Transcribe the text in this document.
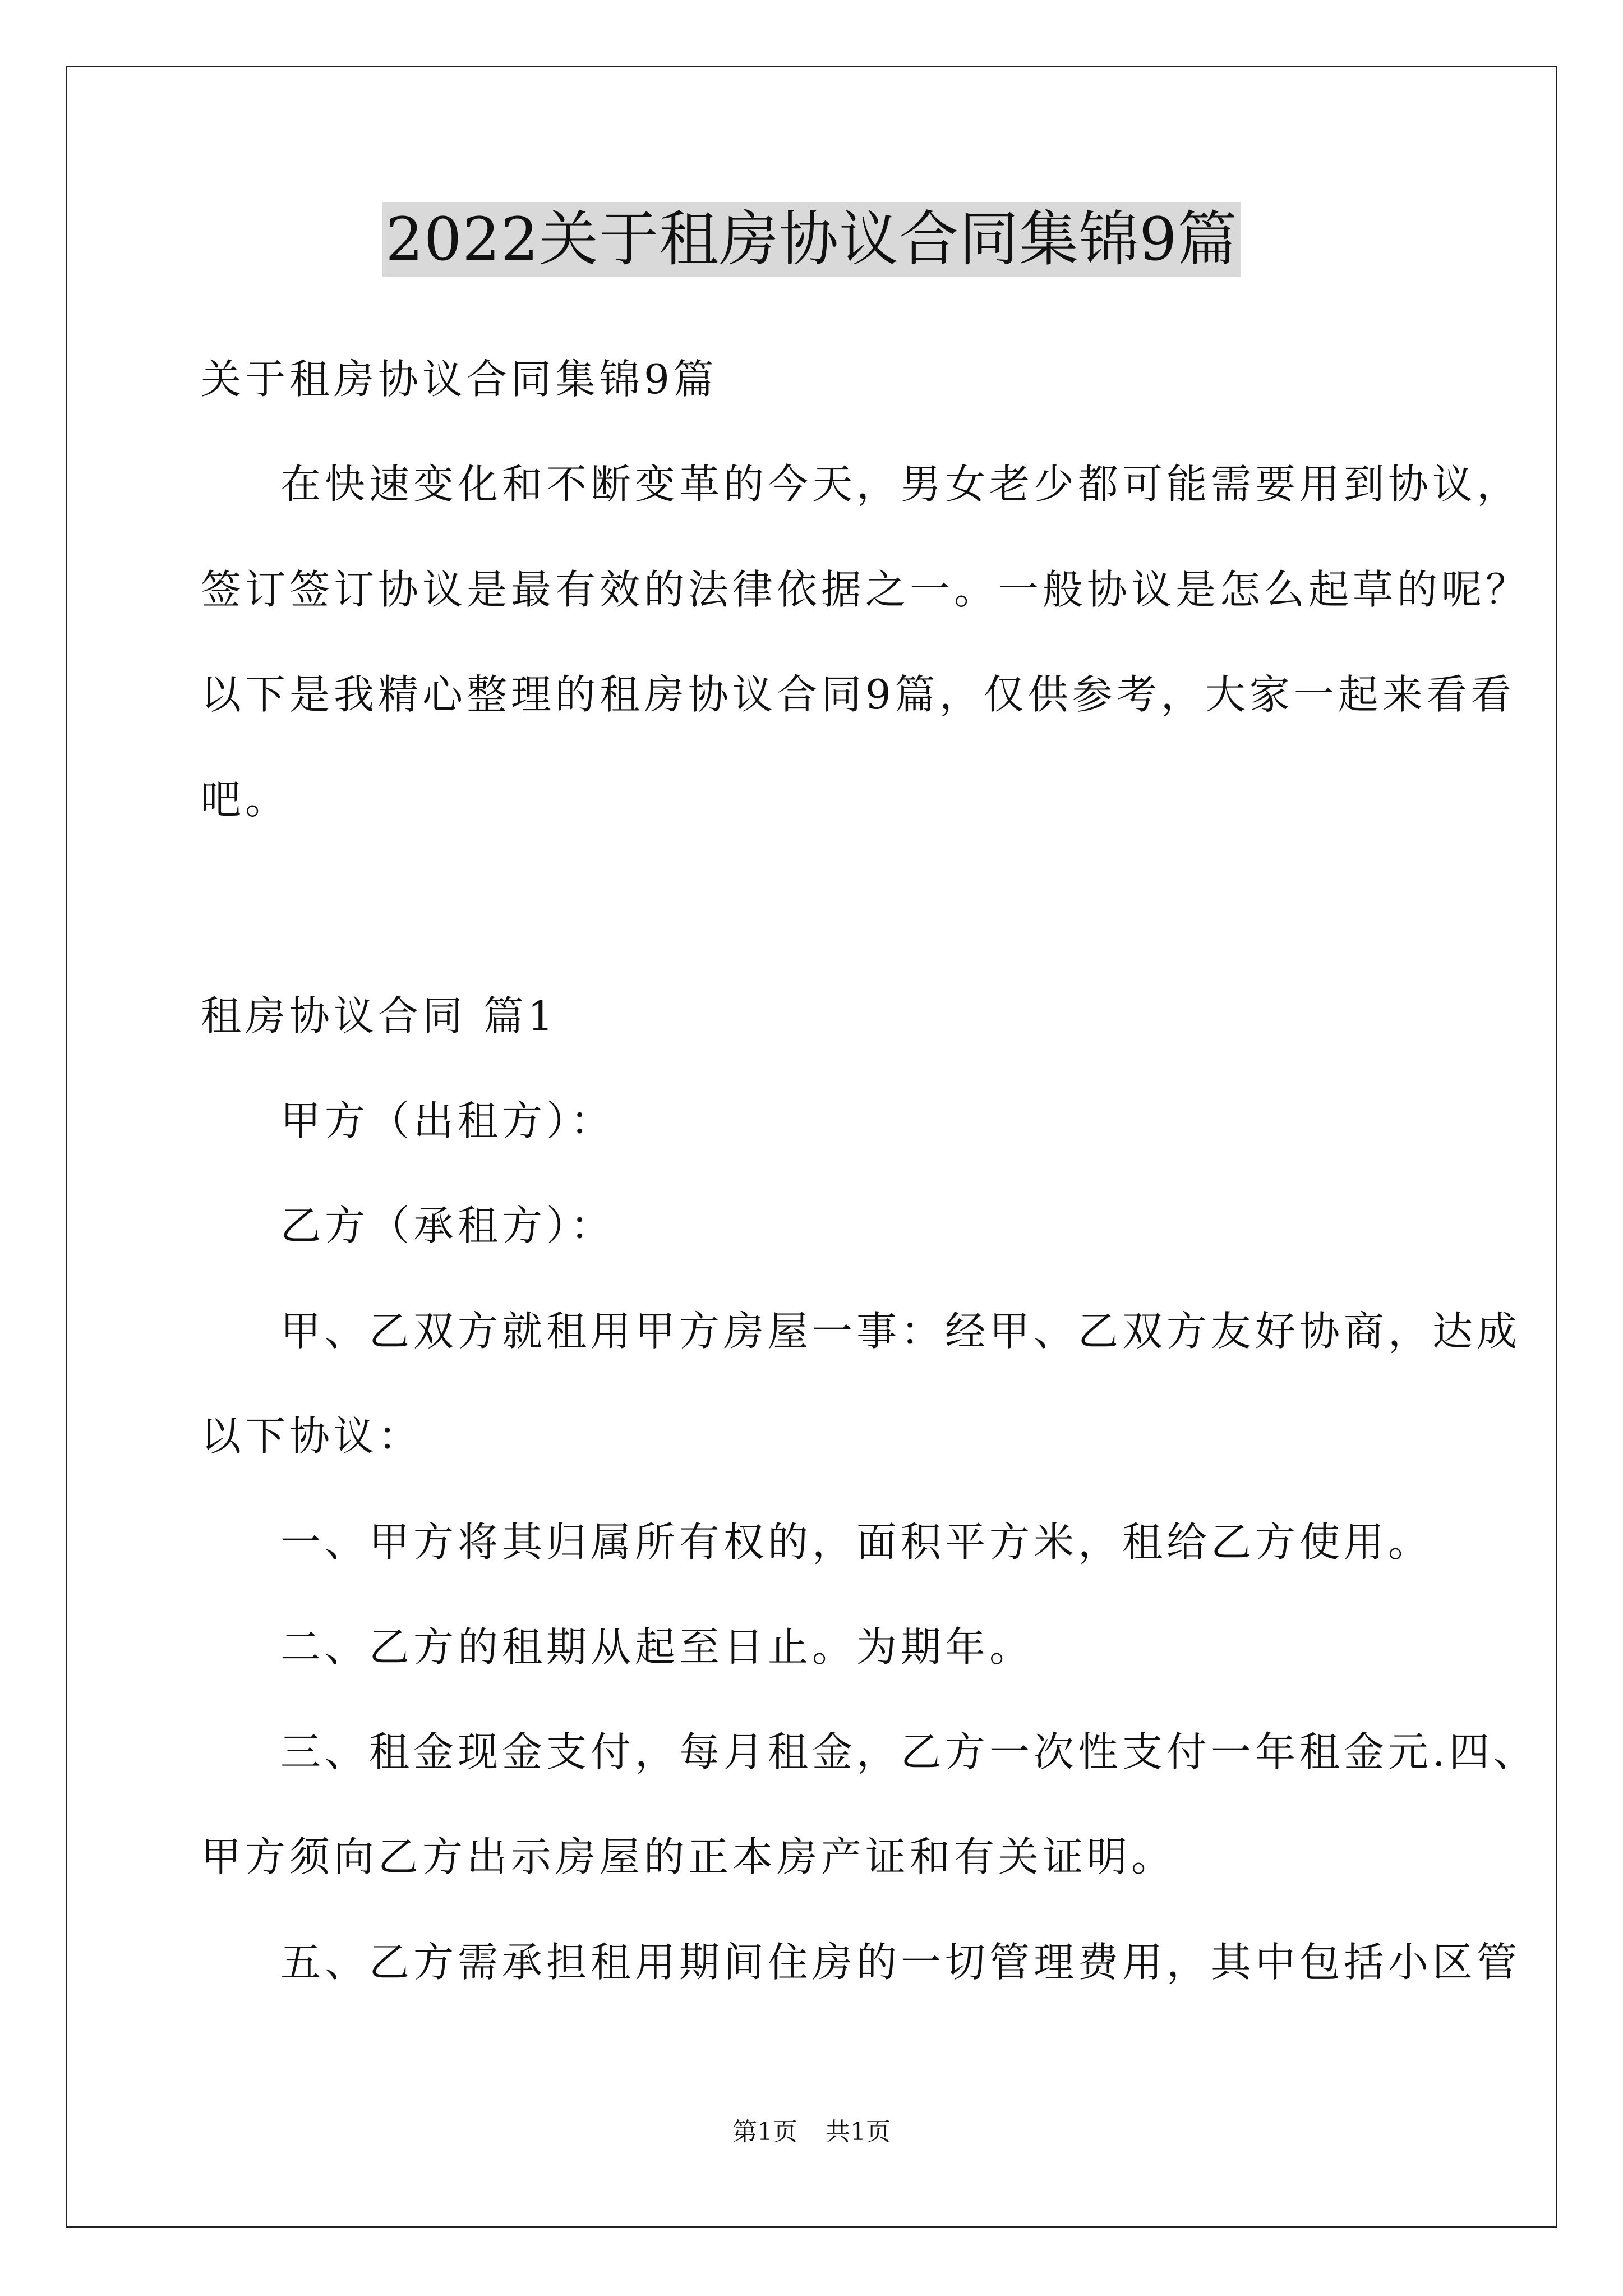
2022关于租房协议合同集锦9篇
关于租房协议合同集锦9篇
在快速变化和不断变革的今天，男女老少都可能需要用到协议，
签订签订协议是最有效的法律依据之一。一般协议是怎么起草的呢？
以下是我精心整理的租房协议合同9篇，仅供参考，大家一起来看看
吧。
租房协议合同 篇1
甲方（出租方）：
乙方（承租方）：
甲、乙双方就租用甲方房屋一事：经甲、乙双方友好协商，达成
以下协议：
一、甲方将其归属所有权的，面积平方米，租给乙方使用。
二、乙方的租期从起至日止。为期年。
三、租金现金支付，每月租金，乙方一次性支付一年租金元.四、
甲方须向乙方出示房屋的正本房产证和有关证明。
五、乙方需承担租用期间住房的一切管理费用，其中包括小区管
第1页 共1页
